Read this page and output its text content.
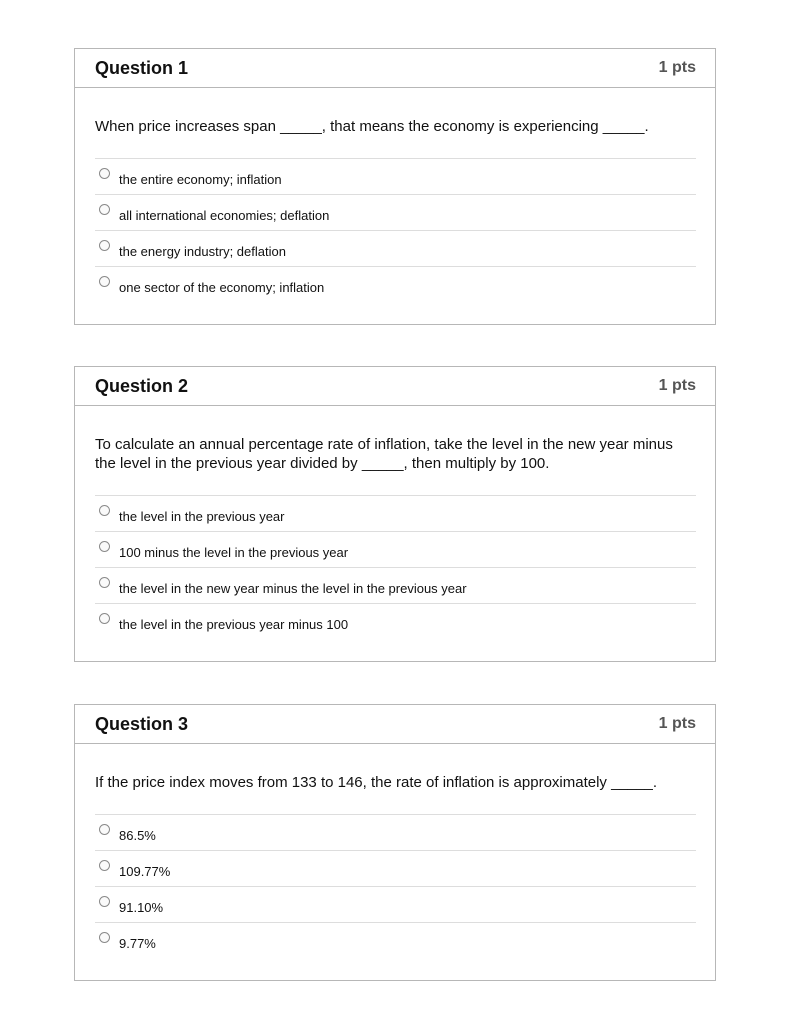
Question 1	1 pts

When price increases span _____, that means the economy is experiencing _____.

the entire economy; inflation
all international economies; deflation
the energy industry; deflation
one sector of the economy; inflation
Question 2	1 pts

To calculate an annual percentage rate of inflation, take the level in the new year minus the level in the previous year divided by _____, then multiply by 100.

the level in the previous year
100 minus the level in the previous year
the level in the new year minus the level in the previous year
the level in the previous year minus 100
Question 3	1 pts

If the price index moves from 133 to 146, the rate of inflation is approximately _____.

86.5%
109.77%
91.10%
9.77%
